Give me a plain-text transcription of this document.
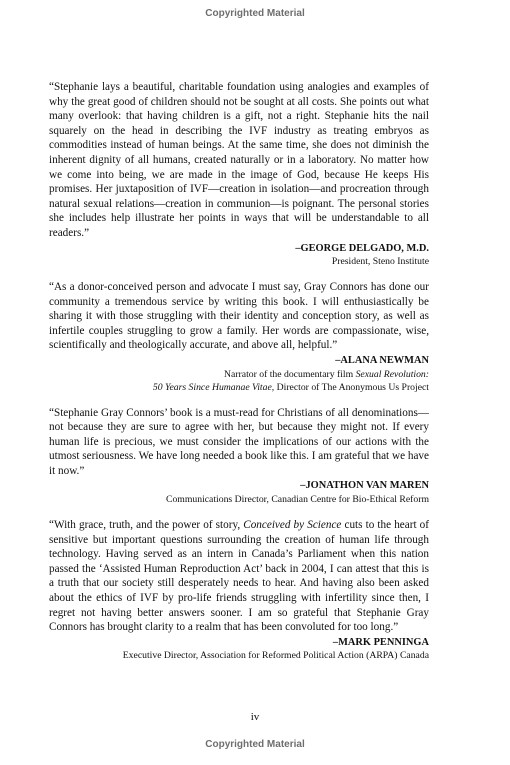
Copyrighted Material

“Stephanie lays a beautiful, charitable foundation using analogies and examples of why the great good of children should not be sought at all costs. She points out what many overlook: that having children is a gift, not a right. Stephanie hits the nail squarely on the head in describing the IVF industry as treating embryos as commodities instead of human beings. At the same time, she does not diminish the inherent dignity of all humans, created naturally or in a laboratory. No matter how we come into being, we are made in the image of God, because He keeps His promises. Her juxtaposition of IVF—creation in isolation—and procreation through natural sexual relations—creation in communion—is poignant. The personal stories she includes help illustrate her points in ways that will be understandable to all readers.”

–GEORGE DELGADO, M.D.
President, Steno Institute

“As a donor-conceived person and advocate I must say, Gray Connors has done our community a tremendous service by writing this book. I will enthusiastically be sharing it with those struggling with their identity and conception story, as well as infertile couples struggling to grow a family. Her words are compassionate, wise, scientifically and theologically accurate, and above all, helpful.”

–ALANA NEWMAN
Narrator of the documentary film Sexual Revolution:
50 Years Since Humanae Vitae, Director of The Anonymous Us Project

“Stephanie Gray Connors’ book is a must-read for Christians of all denominations—not because they are sure to agree with her, but because they might not. If every human life is precious, we must consider the implications of our actions with the utmost seriousness. We have long needed a book like this. I am grateful that we have it now.”

–JONATHON VAN MAREN
Communications Director, Canadian Centre for Bio-Ethical Reform

“With grace, truth, and the power of story, Conceived by Science cuts to the heart of sensitive but important questions surrounding the creation of human life through technology. Having served as an intern in Canada’s Parliament when this nation passed the ‘Assisted Human Reproduction Act’ back in 2004, I can attest that this is a truth that our society still desperately needs to hear. And having also been asked about the ethics of IVF by pro-life friends struggling with infertility since then, I regret not having better answers sooner. I am so grateful that Stephanie Gray Connors has brought clarity to a realm that has been convoluted for too long.”

–MARK PENNINGA
Executive Director, Association for Reformed Political Action (ARPA) Canada
iv
Copyrighted Material
